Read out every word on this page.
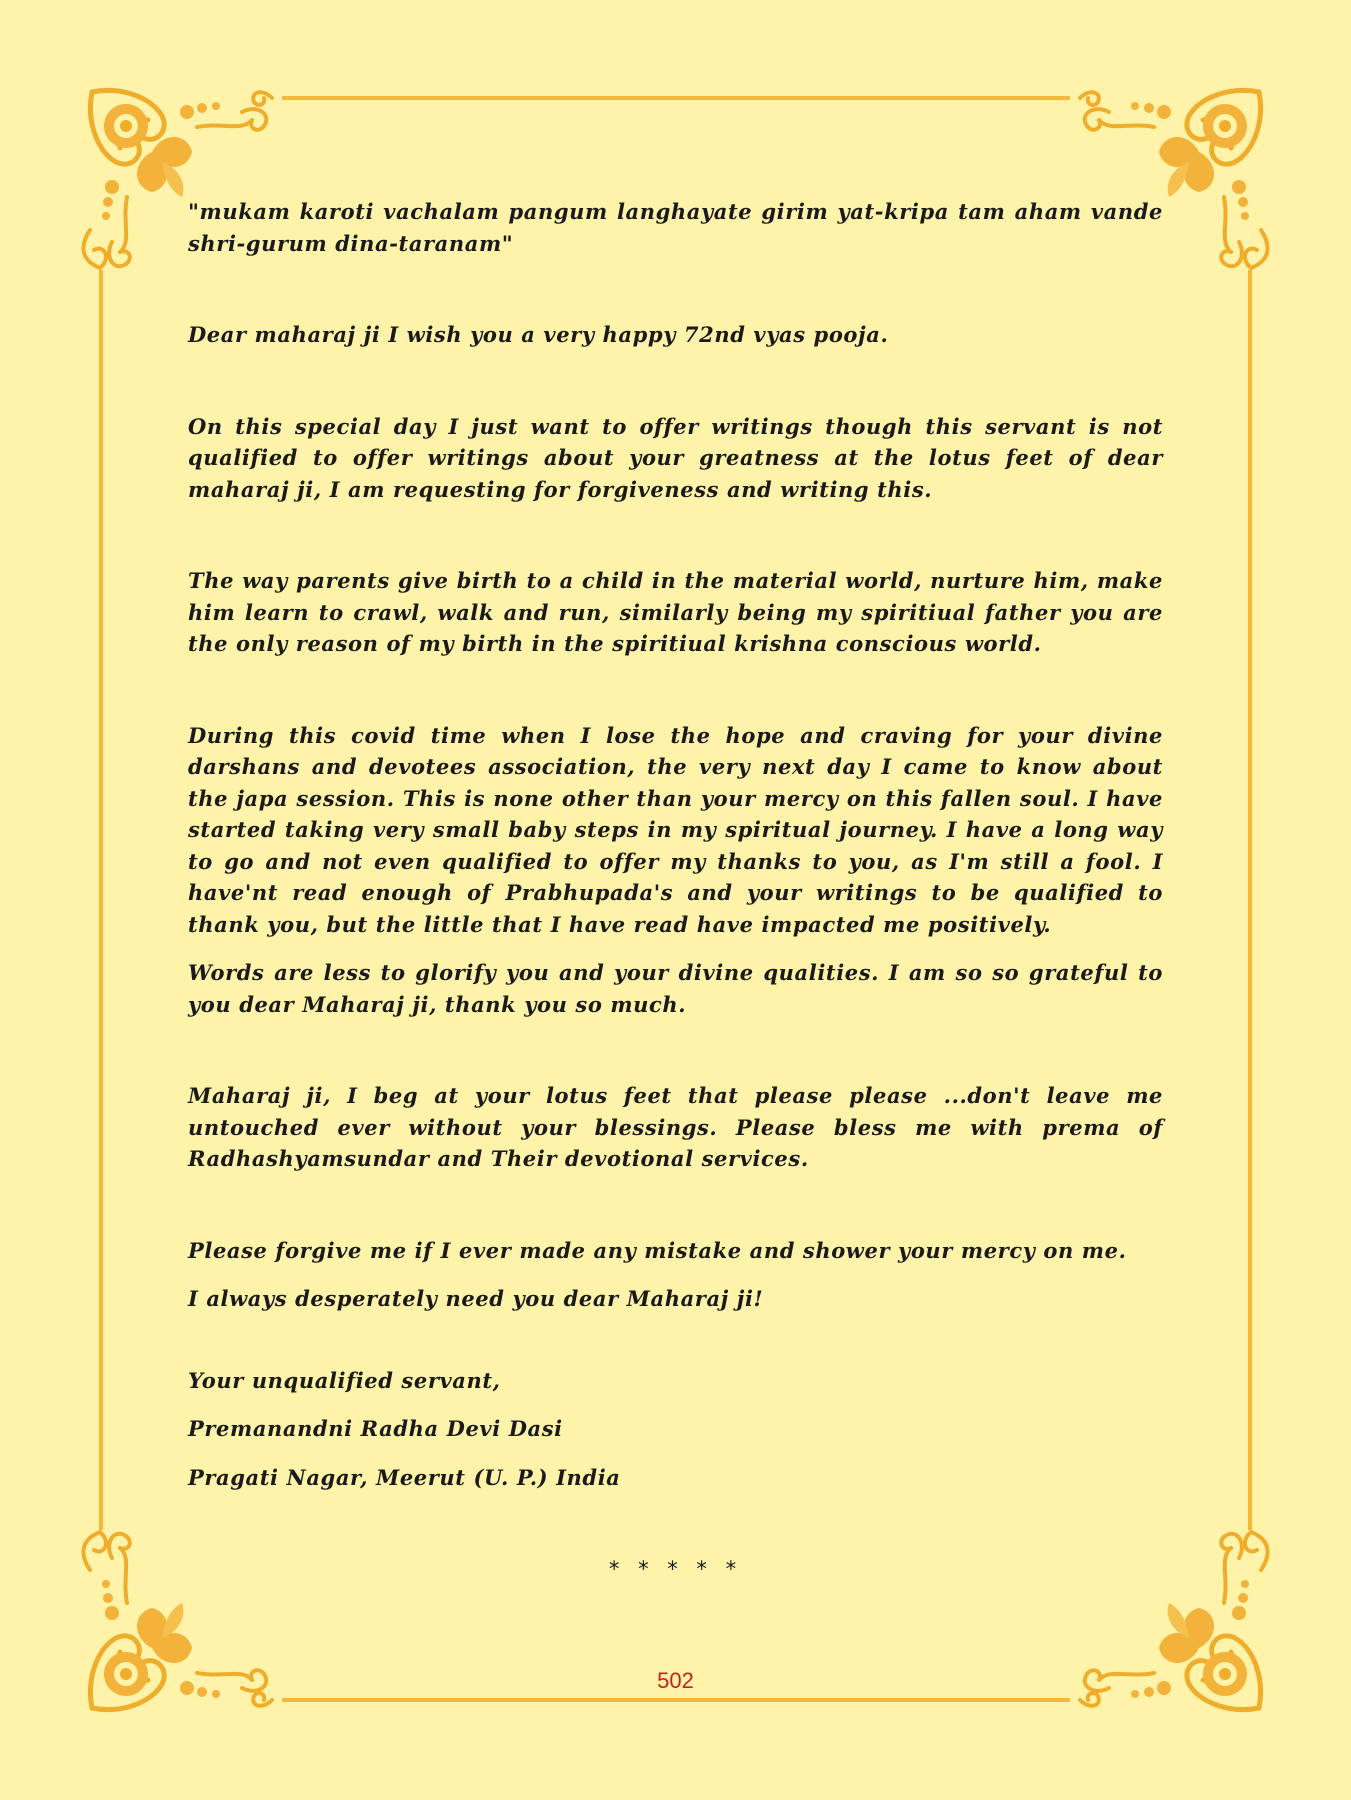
"mukam karoti vachalam pangum langhayate girim yat-kripa tam aham vande shri-gurum dina-taranam"

Dear maharaj ji I wish you a very happy 72nd vyas pooja.

On this special day I just want to offer writings though this servant is not qualified to offer writings about your greatness at the lotus feet of dear maharaj ji, I am requesting for forgiveness and writing this.

The way parents give birth to a child in the material world, nurture him, make him learn to crawl, walk and run, similarly being my spiritiual father you are the only reason of my birth in the spiritiual krishna conscious world.

During this covid time when I lose the hope and craving for your divine darshans and devotees association, the very next day I came to know about the japa session. This is none other than your mercy on this fallen soul. I have started taking very small baby steps in my spiritual journey. I have a long way to go and not even qualified to offer my thanks to you, as I'm still a fool. I have'nt read enough of Prabhupada's and your writings to be qualified to thank you, but the little that I have read have impacted me positively.

Words are less to glorify you and your divine qualities. I am so so grateful to you dear Maharaj ji, thank you so much.

Maharaj ji, I beg at your lotus feet that please please ...don't leave me untouched ever without your blessings. Please bless me with prema of Radhashyamsundar and Their devotional services.

Please forgive me if I ever made any mistake and shower your mercy on me.

I always desperately need you dear Maharaj ji!

Your unqualified servant,

Premanandni Radha Devi Dasi

Pragati Nagar, Meerut (U. P.) India

* * * * *
502
